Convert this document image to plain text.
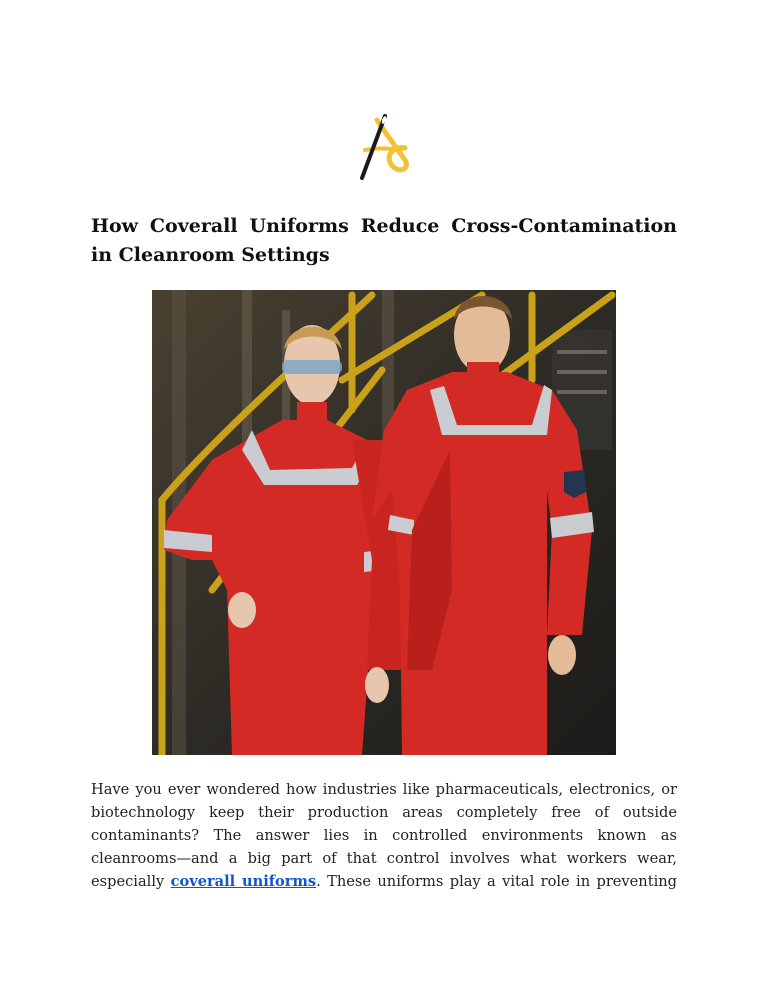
How Coverall Uniforms Reduce Cross-Contamination in Cleanroom Settings

Have you ever wondered how industries like pharmaceuticals, electronics, or biotechnology keep their production areas completely free of outside contaminants? The answer lies in controlled environments known as cleanrooms—and a big part of that control involves what workers wear, especially coverall uniforms. These uniforms play a vital role in preventing
